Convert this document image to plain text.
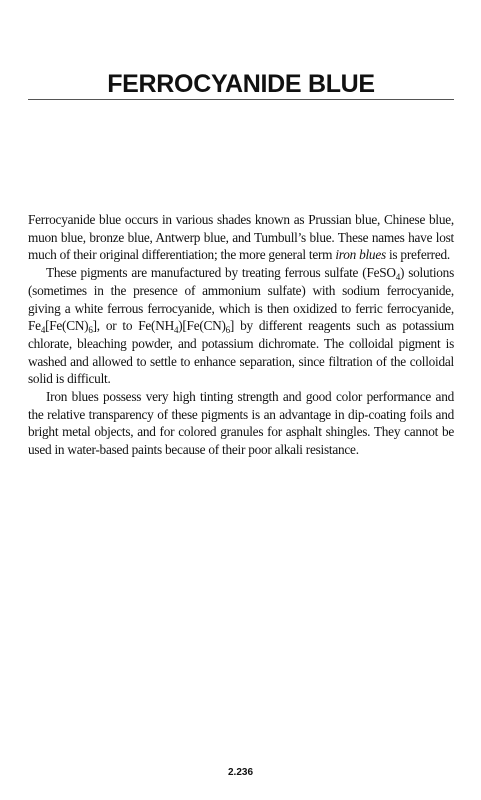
FERROCYANIDE BLUE

Ferrocyanide blue occurs in various shades known as Prussian blue, Chinese blue, muon blue, bronze blue, Antwerp blue, and Tumbull’s blue. These names have lost much of their original differentiation; the more general term iron blues is preferred.

These pigments are manufactured by treating ferrous sulfate (FeSO$_4$) solutions (sometimes in the presence of ammonium sulfate) with sodium ferrocyanide, giving a white ferrous ferrocyanide, which is then oxidized to ferric ferrocyanide, $Fe_4[Fe(CN)_6]$, or to $Fe(NH_4)[Fe(CN)_6]$ by different reagents such as potassium chlorate, bleaching powder, and potassium dichromate. The colloidal pigment is washed and allowed to settle to enhance separation, since filtration of the colloidal solid is difficult.

Iron blues possess very high tinting strength and good color performance and the relative transparency of these pigments is an advantage in dip-coating foils and bright metal objects, and for colored granules for asphalt shingles. They cannot be used in water-based paints because of their poor alkali resistance.

2.236
